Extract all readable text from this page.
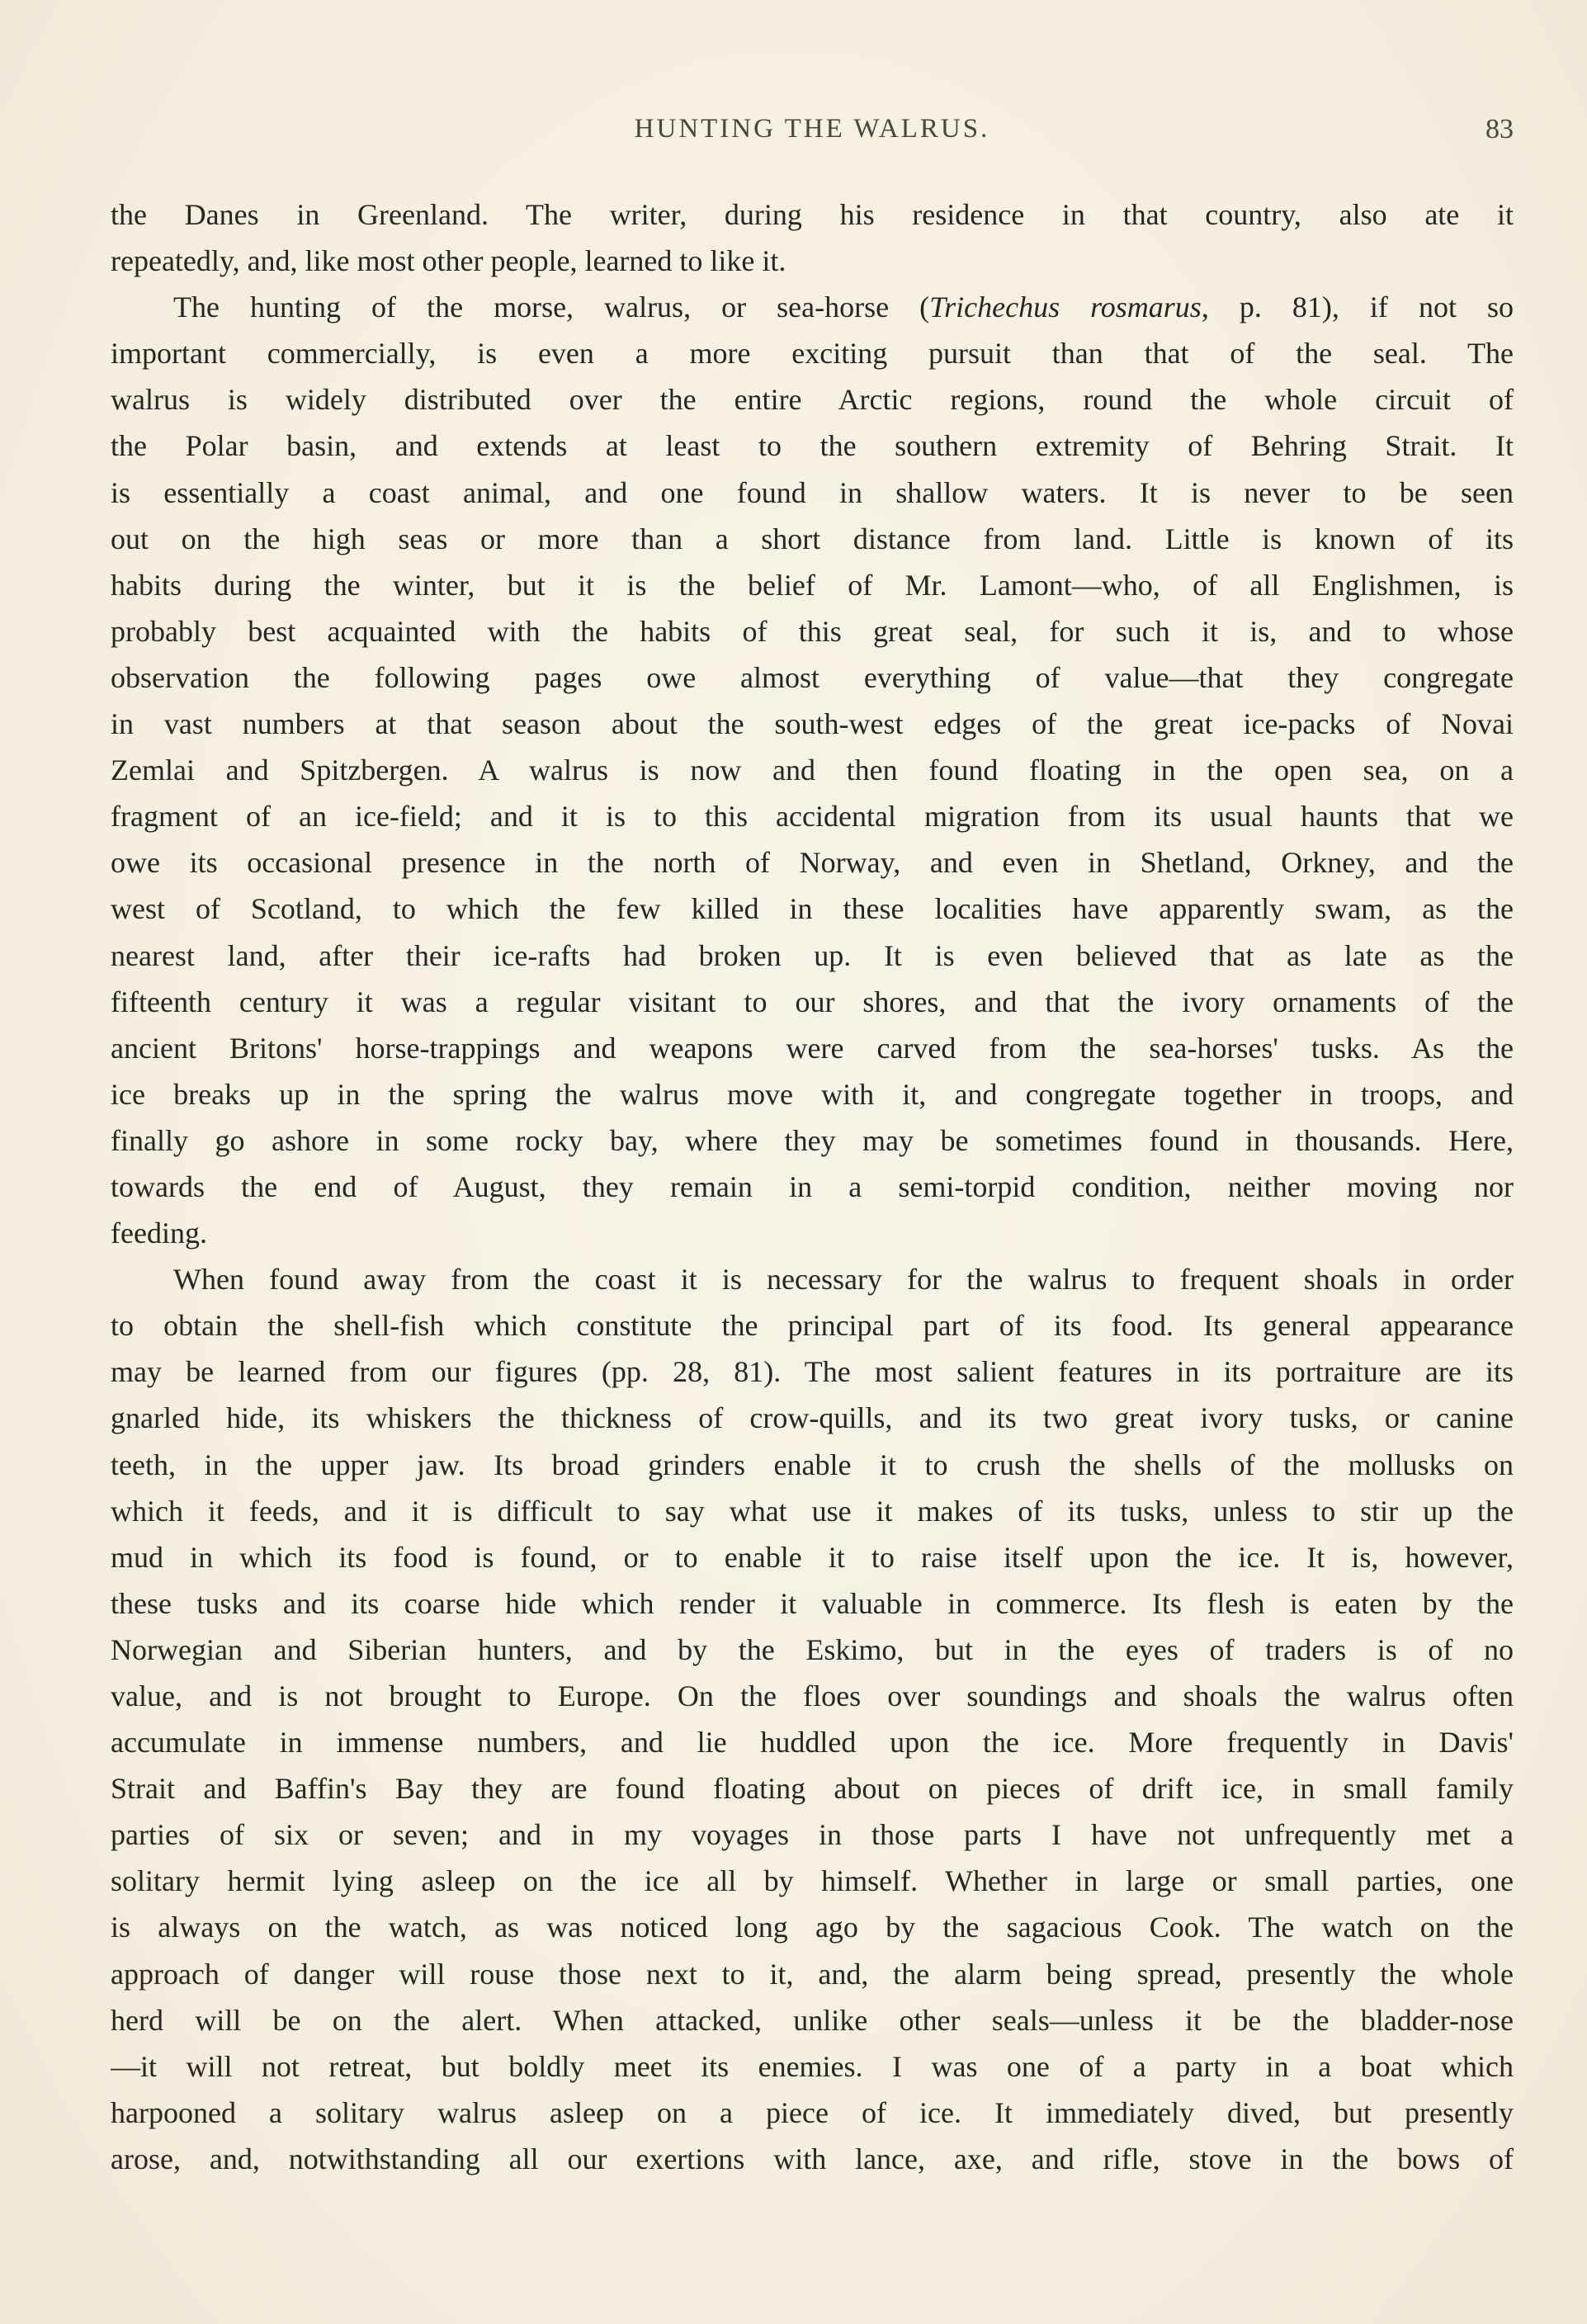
HUNTING THE WALRUS.	83
the Danes in Greenland. The writer, during his residence in that country, also ate it
repeatedly, and, like most other people, learned to like it.
The hunting of the morse, walrus, or sea-horse (Trichechus rosmarus, p. 81), if not so
important commercially, is even a more exciting pursuit than that of the seal. The
walrus is widely distributed over the entire Arctic regions, round the whole circuit of
the Polar basin, and extends at least to the southern extremity of Behring Strait. It
is essentially a coast animal, and one found in shallow waters. It is never to be seen
out on the high seas or more than a short distance from land. Little is known of its
habits during the winter, but it is the belief of Mr. Lamont—who, of all Englishmen, is
probably best acquainted with the habits of this great seal, for such it is, and to whose
observation the following pages owe almost everything of value—that they congregate
in vast numbers at that season about the south-west edges of the great ice-packs of Novai
Zemlai and Spitzbergen. A walrus is now and then found floating in the open sea, on a
fragment of an ice-field; and it is to this accidental migration from its usual haunts that we
owe its occasional presence in the north of Norway, and even in Shetland, Orkney, and the
west of Scotland, to which the few killed in these localities have apparently swam, as the
nearest land, after their ice-rafts had broken up. It is even believed that as late as the
fifteenth century it was a regular visitant to our shores, and that the ivory ornaments of the
ancient Britons' horse-trappings and weapons were carved from the sea-horses' tusks. As the
ice breaks up in the spring the walrus move with it, and congregate together in troops, and
finally go ashore in some rocky bay, where they may be sometimes found in thousands. Here,
towards the end of August, they remain in a semi-torpid condition, neither moving nor
feeding.
When found away from the coast it is necessary for the walrus to frequent shoals in order
to obtain the shell-fish which constitute the principal part of its food. Its general appearance
may be learned from our figures (pp. 28, 81). The most salient features in its portraiture are its
gnarled hide, its whiskers the thickness of crow-quills, and its two great ivory tusks, or canine
teeth, in the upper jaw. Its broad grinders enable it to crush the shells of the mollusks on
which it feeds, and it is difficult to say what use it makes of its tusks, unless to stir up the
mud in which its food is found, or to enable it to raise itself upon the ice. It is, however,
these tusks and its coarse hide which render it valuable in commerce. Its flesh is eaten by the
Norwegian and Siberian hunters, and by the Eskimo, but in the eyes of traders is of no
value, and is not brought to Europe. On the floes over soundings and shoals the walrus often
accumulate in immense numbers, and lie huddled upon the ice. More frequently in Davis'
Strait and Baffin's Bay they are found floating about on pieces of drift ice, in small family
parties of six or seven; and in my voyages in those parts I have not unfrequently met a
solitary hermit lying asleep on the ice all by himself. Whether in large or small parties, one
is always on the watch, as was noticed long ago by the sagacious Cook. The watch on the
approach of danger will rouse those next to it, and, the alarm being spread, presently the whole
herd will be on the alert. When attacked, unlike other seals—unless it be the bladder-nose
—it will not retreat, but boldly meet its enemies. I was one of a party in a boat which
harpooned a solitary walrus asleep on a piece of ice. It immediately dived, but presently
arose, and, notwithstanding all our exertions with lance, axe, and rifle, stove in the bows of
